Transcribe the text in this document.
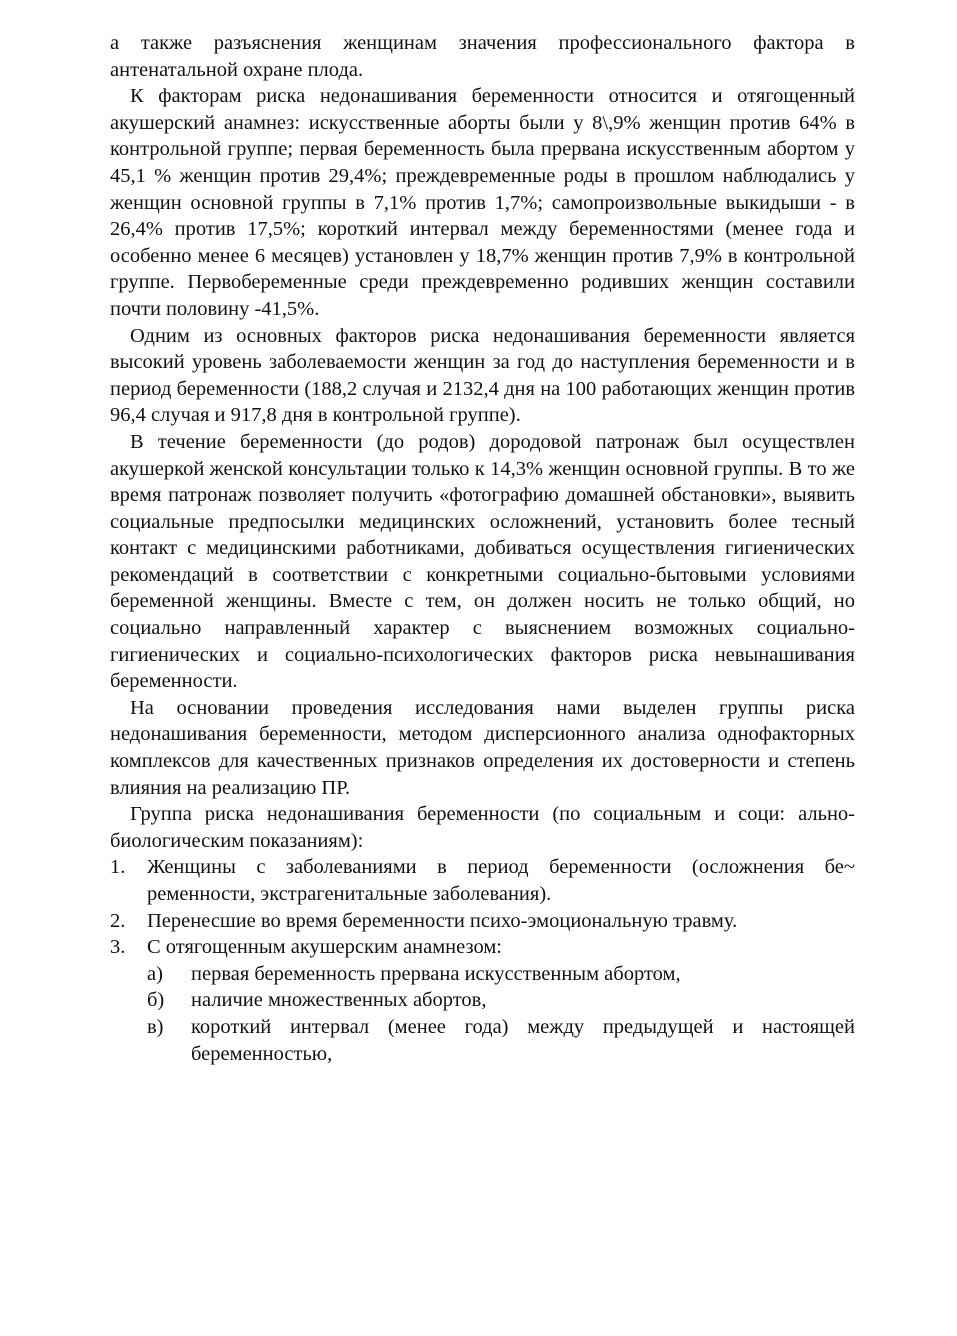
а также разъяснения женщинам значения профессионального фактора в антенатальной охране плода.

К факторам риска недонашивания беременности относится и отягощенный акушерский анамнез: искусственные аборты были у 8\,9% женщин против 64% в контрольной группе; первая беременность была прервана искусственным абортом у 45,1 % женщин против 29,4%; преждевременные роды в прошлом наблюдались у женщин основной группы в 7,1% против 1,7%; самопроизвольные выкидыши - в 26,4% против 17,5%; короткий интервал между беременностями (менее года и особенно менее 6 месяцев) установлен у 18,7% женщин против 7,9% в контрольной группе. Первобеременные среди преждевременно родивших женщин составили почти половину -41,5%.

Одним из основных факторов риска недонашивания беременности является высокий уровень заболеваемости женщин за год до наступления беременности и в период беременности (188,2 случая и 2132,4 дня на 100 работающих женщин против 96,4 случая и 917,8 дня в контрольной группе).

В течение беременности (до родов) дородовой патронаж был осуществлен акушеркой женской консультации только к 14,3% женщин основной группы. В то же время патронаж позволяет получить «фотографию домашней обстановки», выявить социальные предпосылки медицинских осложнений, установить более тесный контакт с медицинскими работниками, добиваться осуществления гигиенических рекомендаций в соответствии с конкретными социально-бытовыми условиями беременной женщины. Вместе с тем, он должен носить не только общий, но социально направленный характер с выяснением возможных социально-гигиенических и социально-психологических факторов риска невынашивания беременности.

На основании проведения исследования нами выделен группы риска недонашивания беременности, методом дисперсионного анализа однофакторных комплексов для качественных признаков определения их достоверности и степень влияния на реализацию ПР.

Группа риска недонашивания беременности (по социальным и соци: ально-биологическим показаниям):

1. Женщины с заболеваниями в период беременности (осложнения бе~ ременности, экстрагенитальные заболевания).
2. Перенесшие во время беременности психо-эмоциональную травму.
3. С отягощенным акушерским анамнезом:
а) первая беременность прервана искусственным абортом,
б) наличие множественных абортов,
в) короткий интервал (менее года) между предыдущей и настоящей беременностью,
